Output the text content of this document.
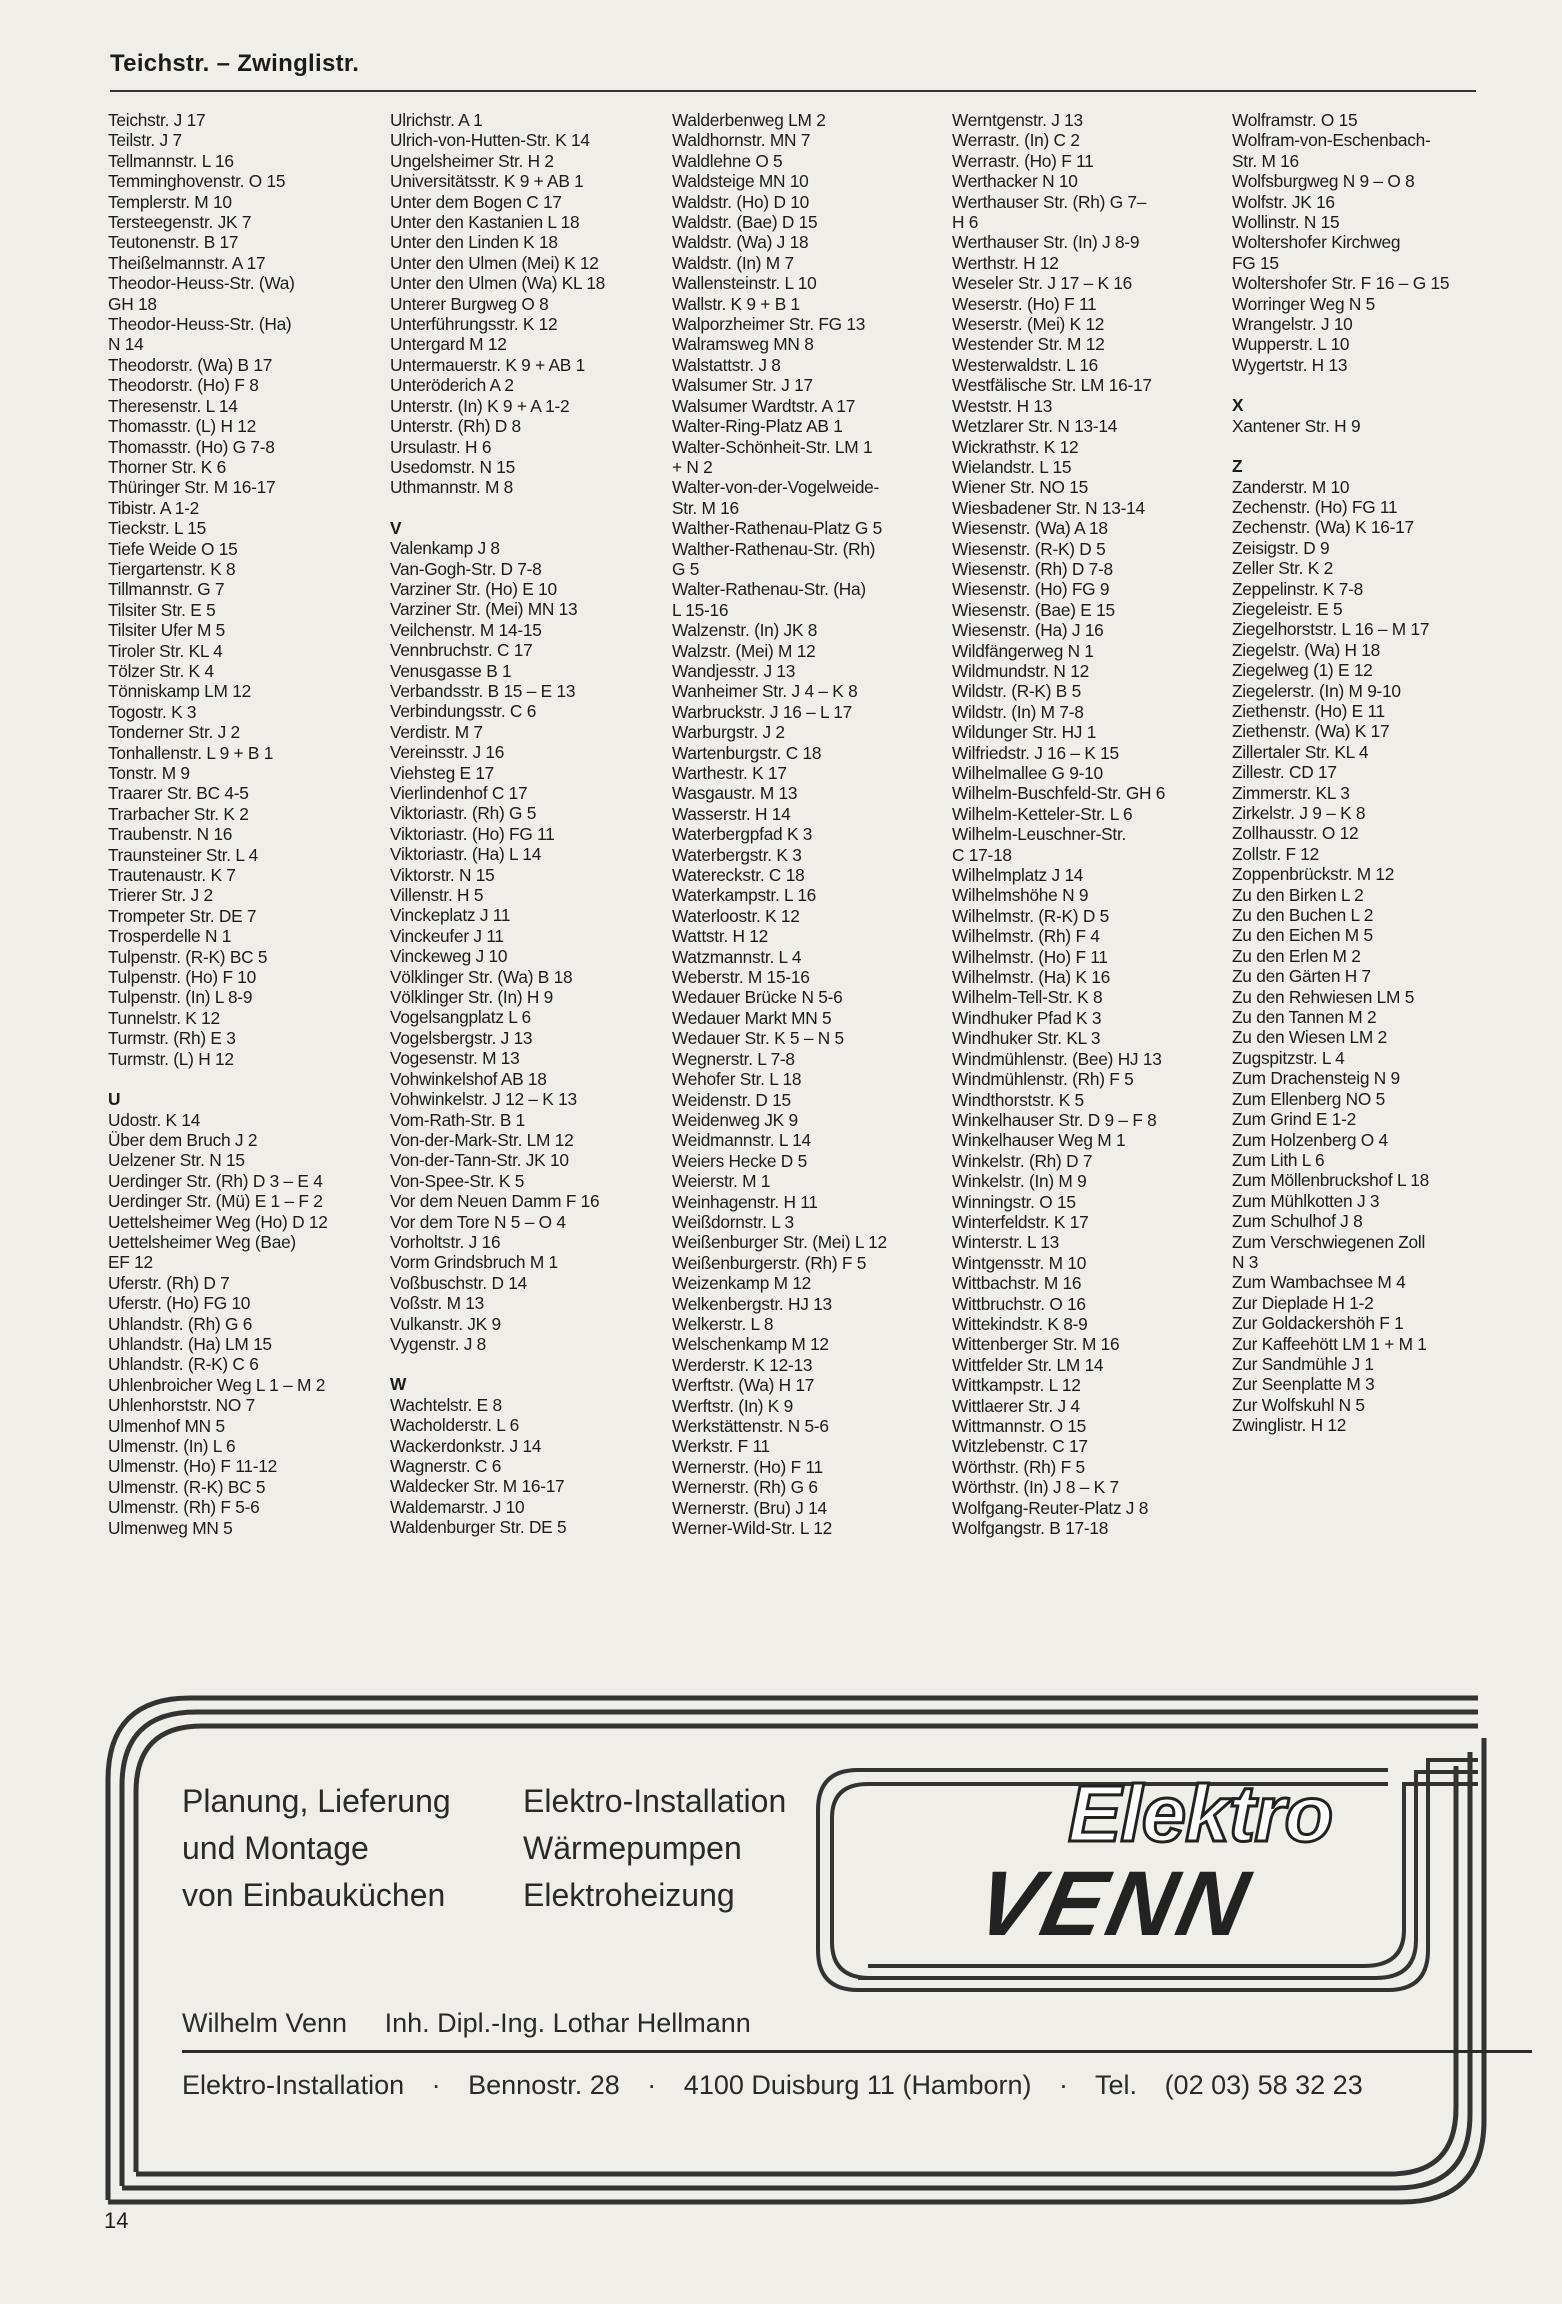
Teichstr. – Zwinglistr.
Teichstr. J 17
Teilstr. J 7
Tellmannstr. L 16
Temminghovenstr. O 15
Templerstr. M 10
Tersteegenstr. JK 7
Teutonenstr. B 17
Theißelmannstr. A 17
Theodor-Heuss-Str. (Wa)
GH 18
Theodor-Heuss-Str. (Ha)
N 14
Theodorstr. (Wa) B 17
Theodorstr. (Ho) F 8
Theresenstr. L 14
Thomasstr. (L) H 12
Thomasstr. (Ho) G 7-8
Thorner Str. K 6
Thüringer Str. M 16-17
Tibistr. A 1-2
Tieckstr. L 15
Tiefe Weide O 15
Tiergartenstr. K 8
Tillmannstr. G 7
Tilsiter Str. E 5
Tilsiter Ufer M 5
Tiroler Str. KL 4
Tölzer Str. K 4
Tönniskamp LM 12
Togostr. K 3
Tonderner Str. J 2
Tonhallenstr. L 9 + B 1
Tonstr. M 9
Traarer Str. BC 4-5
Trarbacher Str. K 2
Traubenstr. N 16
Traunsteiner Str. L 4
Trautenaustr. K 7
Trierer Str. J 2
Trompeter Str. DE 7
Trosperdelle N 1
Tulpenstr. (R-K) BC 5
Tulpenstr. (Ho) F 10
Tulpenstr. (In) L 8-9
Tunnelstr. K 12
Turmstr. (Rh) E 3
Turmstr. (L) H 12
U
Udostr. K 14
Über dem Bruch J 2
Uelzener Str. N 15
Uerdinger Str. (Rh) D 3 – E 4
Uerdinger Str. (Mü) E 1 – F 2
Uettelsheimer Weg (Ho) D 12
Uettelsheimer Weg (Bae)
EF 12
Uferstr. (Rh) D 7
Uferstr. (Ho) FG 10
Uhlandstr. (Rh) G 6
Uhlandstr. (Ha) LM 15
Uhlandstr. (R-K) C 6
Uhlenbroicher Weg L 1 – M 2
Uhlenhorststr. NO 7
Ulmenhof MN 5
Ulmenstr. (In) L 6
Ulmenstr. (Ho) F 11-12
Ulmenstr. (R-K) BC 5
Ulmenstr. (Rh) F 5-6
Ulmenweg MN 5
Ulrichstr. A 1
Ulrich-von-Hutten-Str. K 14
Ungelsheimer Str. H 2
Universitätsstr. K 9 + AB 1
Unter dem Bogen C 17
Unter den Kastanien L 18
Unter den Linden K 18
Unter den Ulmen (Mei) K 12
Unter den Ulmen (Wa) KL 18
Unterer Burgweg O 8
Unterführungsstr. K 12
Untergard M 12
Untermauerstr. K 9 + AB 1
Unteröderich A 2
Unterstr. (In) K 9 + A 1-2
Unterstr. (Rh) D 8
Ursulastr. H 6
Usedomstr. N 15
Uthmannstr. M 8
V
Valenkamp J 8
Van-Gogh-Str. D 7-8
Varziner Str. (Ho) E 10
Varziner Str. (Mei) MN 13
Veilchenstr. M 14-15
Vennbruchstr. C 17
Venusgasse B 1
Verbandsstr. B 15 – E 13
Verbindungsstr. C 6
Verdistr. M 7
Vereinsstr. J 16
Viehsteg E 17
Vierlindenhof C 17
Viktoriastr. (Rh) G 5
Viktoriastr. (Ho) FG 11
Viktoriastr. (Ha) L 14
Viktorstr. N 15
Villenstr. H 5
Vinckeplatz J 11
Vinckeufer J 11
Vinckeweg J 10
Völklinger Str. (Wa) B 18
Völklinger Str. (In) H 9
Vogelsangplatz L 6
Vogelsbergstr. J 13
Vogesenstr. M 13
Vohwinkelshof AB 18
Vohwinkelstr. J 12 – K 13
Vom-Rath-Str. B 1
Von-der-Mark-Str. LM 12
Von-der-Tann-Str. JK 10
Von-Spee-Str. K 5
Vor dem Neuen Damm F 16
Vor dem Tore N 5 – O 4
Vorholtstr. J 16
Vorm Grindsbruch M 1
Voßbuschstr. D 14
Voßstr. M 13
Vulkanstr. JK 9
Vygenstr. J 8
W
Wachtelstr. E 8
Wacholderstr. L 6
Wackerdonkstr. J 14
Wagnerstr. C 6
Waldecker Str. M 16-17
Waldemarstr. J 10
Waldenburger Str. DE 5
Walderbenweg LM 2
Waldhornstr. MN 7
Waldlehne O 5
Waldsteige MN 10
Waldstr. (Ho) D 10
Waldstr. (Bae) D 15
Waldstr. (Wa) J 18
Waldstr. (In) M 7
Wallensteinstr. L 10
Wallstr. K 9 + B 1
Walporzheimer Str. FG 13
Walramsweg MN 8
Walstattstr. J 8
Walsumer Str. J 17
Walsumer Wardtstr. A 17
Walter-Ring-Platz AB 1
Walter-Schönheit-Str. LM 1
+ N 2
Walter-von-der-Vogelweide-
Str. M 16
Walther-Rathenau-Platz G 5
Walther-Rathenau-Str. (Rh)
G 5
Walter-Rathenau-Str. (Ha)
L 15-16
Walzenstr. (In) JK 8
Walzstr. (Mei) M 12
Wandjesstr. J 13
Wanheimer Str. J 4 – K 8
Warbruckstr. J 16 – L 17
Warburgstr. J 2
Wartenburgstr. C 18
Warthestr. K 17
Wasgaustr. M 13
Wasserstr. H 14
Waterbergpfad K 3
Waterbergstr. K 3
Watereckstr. C 18
Waterkampstr. L 16
Waterloostr. K 12
Wattstr. H 12
Watzmannstr. L 4
Weberstr. M 15-16
Wedauer Brücke N 5-6
Wedauer Markt MN 5
Wedauer Str. K 5 – N 5
Wegnerstr. L 7-8
Wehofer Str. L 18
Weidenstr. D 15
Weidenweg JK 9
Weidmannstr. L 14
Weiers Hecke D 5
Weierstr. M 1
Weinhagenstr. H 11
Weißdornstr. L 3
Weißenburger Str. (Mei) L 12
Weißenburgerstr. (Rh) F 5
Weizenkamp M 12
Welkenbergstr. HJ 13
Welkerstr. L 8
Welschenkamp M 12
Werderstr. K 12-13
Werftstr. (Wa) H 17
Werftstr. (In) K 9
Werkstättenstr. N 5-6
Werkstr. F 11
Wernerstr. (Ho) F 11
Wernerstr. (Rh) G 6
Wernerstr. (Bru) J 14
Werner-Wild-Str. L 12
Werntgenstr. J 13
Werrastr. (In) C 2
Werrastr. (Ho) F 11
Werthacker N 10
Werthauser Str. (Rh) G 7–
H 6
Werthauser Str. (In) J 8-9
Werthstr. H 12
Weseler Str. J 17 – K 16
Weserstr. (Ho) F 11
Weserstr. (Mei) K 12
Westender Str. M 12
Westerwaldstr. L 16
Westfälische Str. LM 16-17
Weststr. H 13
Wetzlarer Str. N 13-14
Wickrathstr. K 12
Wielandstr. L 15
Wiener Str. NO 15
Wiesbadener Str. N 13-14
Wiesenstr. (Wa) A 18
Wiesenstr. (R-K) D 5
Wiesenstr. (Rh) D 7-8
Wiesenstr. (Ho) FG 9
Wiesenstr. (Bae) E 15
Wiesenstr. (Ha) J 16
Wildfängerweg N 1
Wildmundstr. N 12
Wildstr. (R-K) B 5
Wildstr. (In) M 7-8
Wildunger Str. HJ 1
Wilfriedstr. J 16 – K 15
Wilhelmallee G 9-10
Wilhelm-Buschfeld-Str. GH 6
Wilhelm-Ketteler-Str. L 6
Wilhelm-Leuschner-Str.
C 17-18
Wilhelmplatz J 14
Wilhelmshöhe N 9
Wilhelmstr. (R-K) D 5
Wilhelmstr. (Rh) F 4
Wilhelmstr. (Ho) F 11
Wilhelmstr. (Ha) K 16
Wilhelm-Tell-Str. K 8
Windhuker Pfad K 3
Windhuker Str. KL 3
Windmühlenstr. (Bee) HJ 13
Windmühlenstr. (Rh) F 5
Windthorststr. K 5
Winkelhauser Str. D 9 – F 8
Winkelhauser Weg M 1
Winkelstr. (Rh) D 7
Winkelstr. (In) M 9
Winningstr. O 15
Winterfeldstr. K 17
Winterstr. L 13
Wintgensstr. M 10
Wittbachstr. M 16
Wittbruchstr. O 16
Wittekindstr. K 8-9
Wittenberger Str. M 16
Wittfelder Str. LM 14
Wittkampstr. L 12
Wittlaerer Str. J 4
Wittmannstr. O 15
Witzlebenstr. C 17
Wörthstr. (Rh) F 5
Wörthstr. (In) J 8 – K 7
Wolfgang-Reuter-Platz J 8
Wolfgangstr. B 17-18
Wolframstr. O 15
Wolfram-von-Eschenbach-
Str. M 16
Wolfsburgweg N 9 – O 8
Wolfstr. JK 16
Wollinstr. N 15
Woltershofer Kirchweg
FG 15
Woltershofer Str. F 16 – G 15
Worringer Weg N 5
Wrangelstr. J 10
Wupperstr. L 10
Wygertstr. H 13
X
Xantener Str. H 9
Z
Zanderstr. M 10
Zechenstr. (Ho) FG 11
Zechenstr. (Wa) K 16-17
Zeisigstr. D 9
Zeller Str. K 2
Zeppelinstr. K 7-8
Ziegeleistr. E 5
Ziegelhorststr. L 16 – M 17
Ziegelstr. (Wa) H 18
Ziegelweg (1) E 12
Ziegelerstr. (In) M 9-10
Ziethenstr. (Ho) E 11
Ziethenstr. (Wa) K 17
Zillertaler Str. KL 4
Zillestr. CD 17
Zimmerstr. KL 3
Zirkelstr. J 9 – K 8
Zollhausstr. O 12
Zollstr. F 12
Zoppenbrückstr. M 12
Zu den Birken L 2
Zu den Buchen L 2
Zu den Eichen M 5
Zu den Erlen M 2
Zu den Gärten H 7
Zu den Rehwiesen LM 5
Zu den Tannen M 2
Zu den Wiesen LM 2
Zugspitzstr. L 4
Zum Drachensteig N 9
Zum Ellenberg NO 5
Zum Grind E 1-2
Zum Holzenberg O 4
Zum Lith L 6
Zum Möllenbruckshof L 18
Zum Mühlkotten J 3
Zum Schulhof J 8
Zum Verschwiegenen Zoll
N 3
Zum Wambachsee M 4
Zur Dieplade H 1-2
Zur Goldackershöh F 1
Zur Kaffeehött LM 1 + M 1
Zur Sandmühle J 1
Zur Seenplatte M 3
Zur Wolfskuhl N 5
Zwinglistr. H 12
Planung, Lieferung
und Montage
von Einbauküchen
Elektro-Installation
Wärmepumpen
Elektroheizung
Elektro
VENN
Wilhelm Venn Inh. Dipl.-Ing. Lothar Hellmann
Elektro-Installation · Bennostr. 28 · 4100 Duisburg 11 (Hamborn) · Tel. (02 03) 58 32 23
14
